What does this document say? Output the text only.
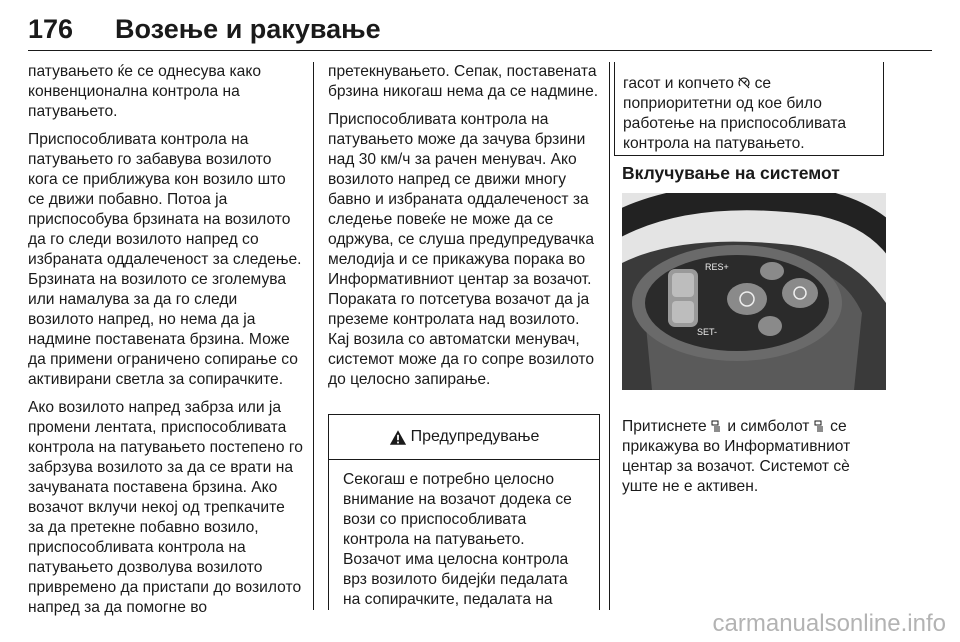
176 Возење и ракување

патувањето ќе се однесува како конвенционална контрола на патувањето.

Приспособливата контрола на патувањето го забавува возилото кога се приближува кон возило што се движи побавно. Потоа ја приспособува брзината на возилото да го следи возилото напред со избраната оддалеченост за следење. Брзината на возилото се зголемува или намалува за да го следи возилото напред, но нема да ја надмине поставената брзина. Може да примени ограничено сопирање со активирани светла за сопирачките.

Ако возилото напред забрза или ја промени лентата, приспособливата контрола на патувањето постепено го забрзува возилото за да се врати на зачуваната поставена брзина. Ако возачот вклучи некој од трепкачите за да претекне побавно возило, приспособливата контрола на патувањето дозволува возилото привремено да пристапи до возилото напред за да помогне во

претекнувањето. Сепак, поставената брзина никогаш нема да се надмине.

Приспособливата контрола на патувањето може да зачува брзини над 30 км/ч за рачен менувач. Ако возилото напред се движи многу бавно и избраната оддалеченост за следење повеќе не може да се одржува, се слуша предупредувачка мелодија и се прикажува порака во Информативниот центар за возачот. Пораката го потсетува возачот да ја преземе контролата над возилото. Кај возила со автоматски менувач, системот може да го сопре возилото до целосно запирање.

Предупредување
Секогаш е потребно целосно внимание на возачот додека се вози со приспособливата контрола на патувањето. Возачот има целосна контрола врз возилото бидејќи педалата на сопирачките, педалата на
гасот и копчето се поприоритетни од кое било работење на приспособливата контрола на патувањето.
Вклучување на системот
RES+
SET-
Притиснете и симболот се прикажува во Информативниот центар за возачот. Системот сè уште не е активен.
carmanualsonline.info
